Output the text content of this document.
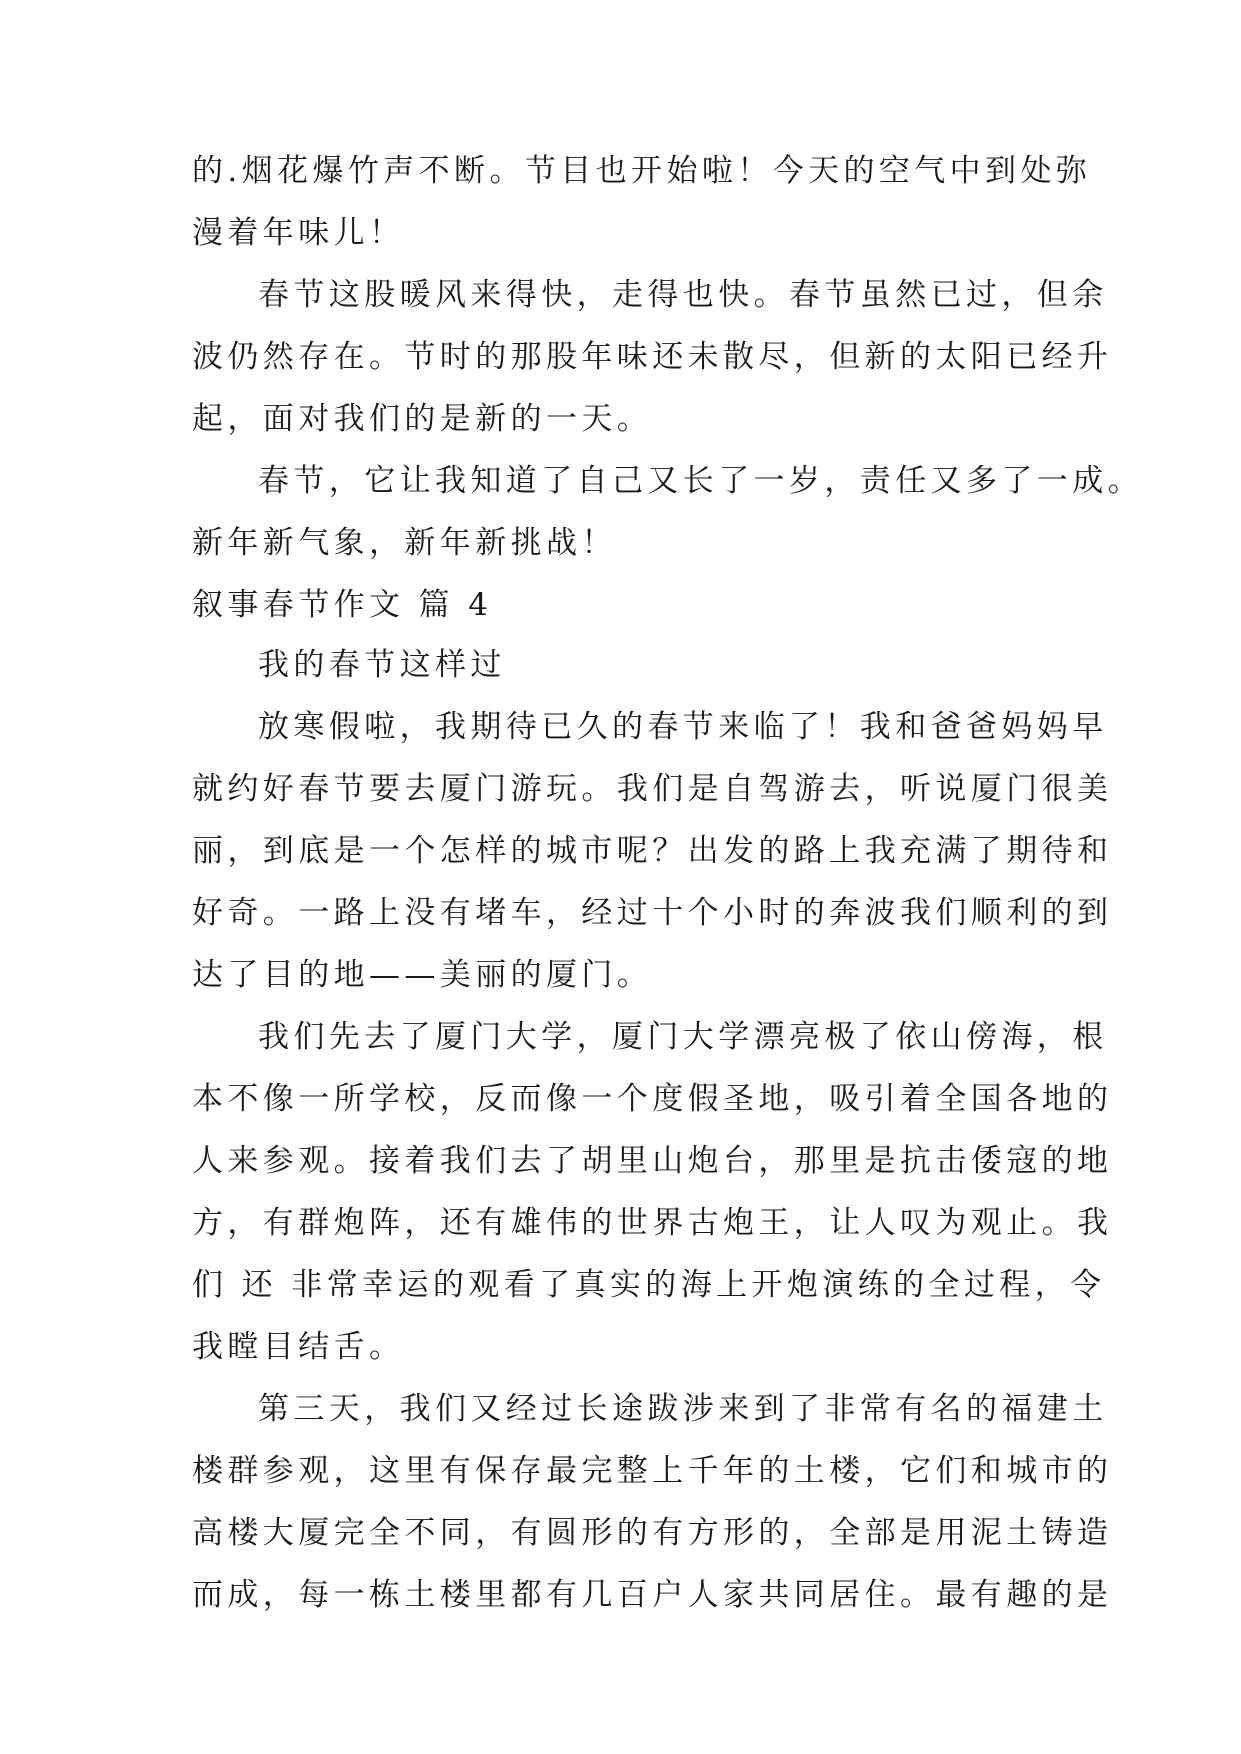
的.烟花爆竹声不断。节目也开始啦！今天的空气中到处弥
漫着年味儿！
春节这股暖风来得快，走得也快。春节虽然已过，但余
波仍然存在。节时的那股年味还未散尽，但新的太阳已经升
起，面对我们的是新的一天。
春节，它让我知道了自己又长了一岁，责任又多了一成。
新年新气象，新年新挑战！
叙事春节作文 篇 4
我的春节这样过
放寒假啦，我期待已久的春节来临了！我和爸爸妈妈早
就约好春节要去厦门游玩。我们是自驾游去，听说厦门很美
丽，到底是一个怎样的城市呢？出发的路上我充满了期待和
好奇。一路上没有堵车，经过十个小时的奔波我们顺利的到
达了目的地——美丽的厦门。
我们先去了厦门大学，厦门大学漂亮极了依山傍海，根
本不像一所学校，反而像一个度假圣地，吸引着全国各地的
人来参观。接着我们去了胡里山炮台，那里是抗击倭寇的地
方，有群炮阵，还有雄伟的世界古炮王，让人叹为观止。我
们 还 非常幸运的观看了真实的海上开炮演练的全过程，令
我瞠目结舌。
第三天，我们又经过长途跋涉来到了非常有名的福建土
楼群参观，这里有保存最完整上千年的土楼，它们和城市的
高楼大厦完全不同，有圆形的有方形的，全部是用泥土铸造
而成，每一栋土楼里都有几百户人家共同居住。最有趣的是
